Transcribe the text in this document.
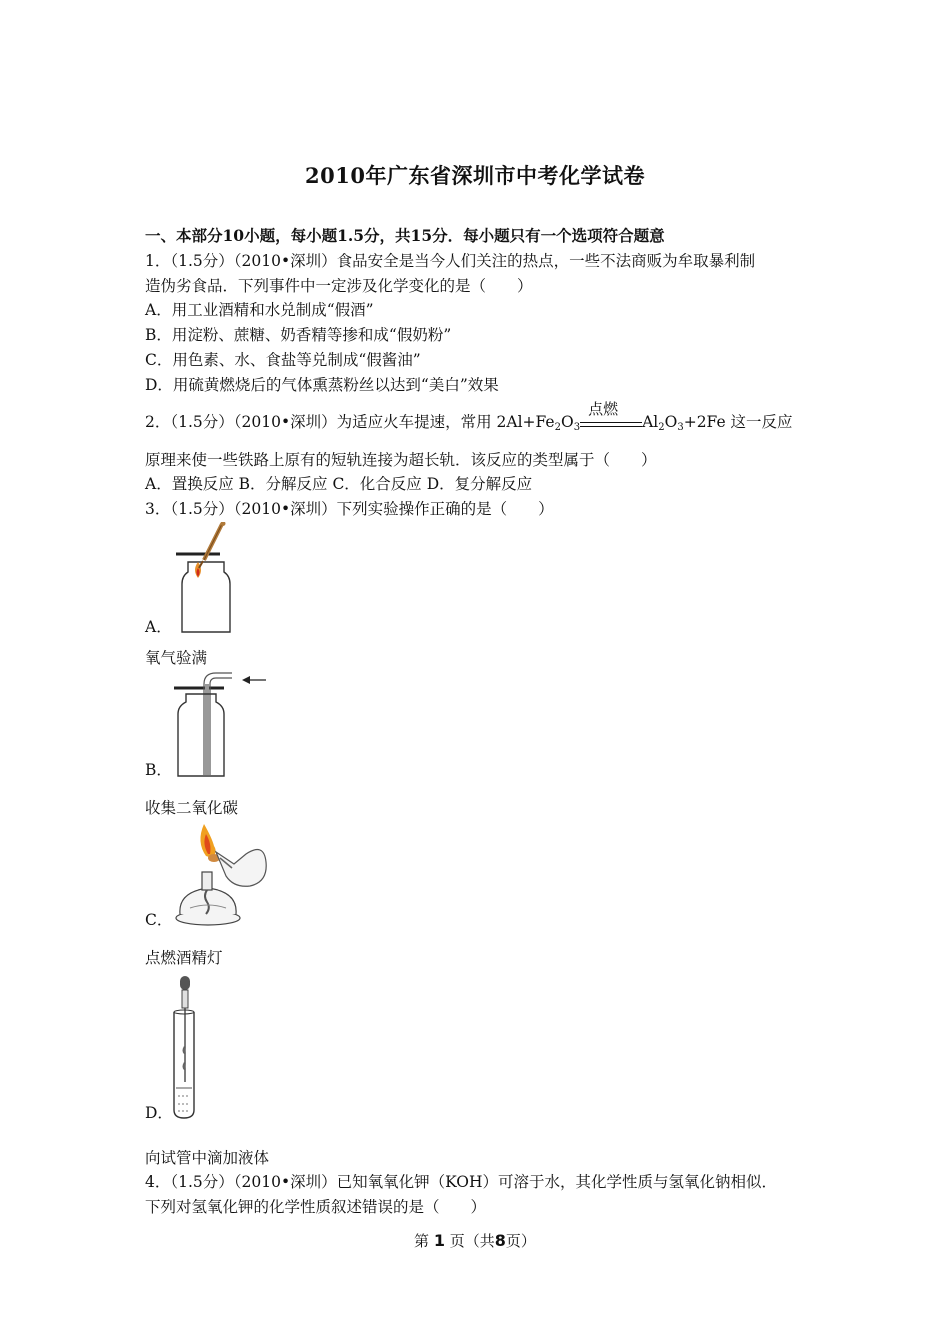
2010年广东省深圳市中考化学试卷
一、本部分10小题，每小题1.5分，共15分．每小题只有一个选项符合题意
1．（1.5分）（2010•深圳）食品安全是当今人们关注的热点，一些不法商贩为牟取暴利制
造伪劣食品．下列事件中一定涉及化学变化的是（　　）
A．用工业酒精和水兑制成“假酒”
B．用淀粉、蔗糖、奶香精等掺和成“假奶粉”
C．用色素、水、食盐等兑制成“假酱油”
D．用硫黄燃烧后的气体熏蒸粉丝以达到“美白”效果
2．（1.5分）（2010•深圳）为适应火车提速，常用 $2Al+Fe_2O_3$
点燃
$Al_2O_3+2Fe$ 这一反应
原理来使一些铁路上原有的短轨连接为超长轨．该反应的类型属于（　　）
A．置换反应 B．分解反应 C．化合反应 D．复分解反应
3．（1.5分）（2010•深圳）下列实验操作正确的是（　　）
A．
氧气验满
B．
收集二氧化碳
C．
点燃酒精灯
D．
向试管中滴加液体
4．（1.5分）（2010•深圳）已知氧氧化钾（KOH）可溶于水，其化学性质与氢氧化钠相似．
下列对氢氧化钾的化学性质叙述错误的是（　　）
第 1 页（共8页）
